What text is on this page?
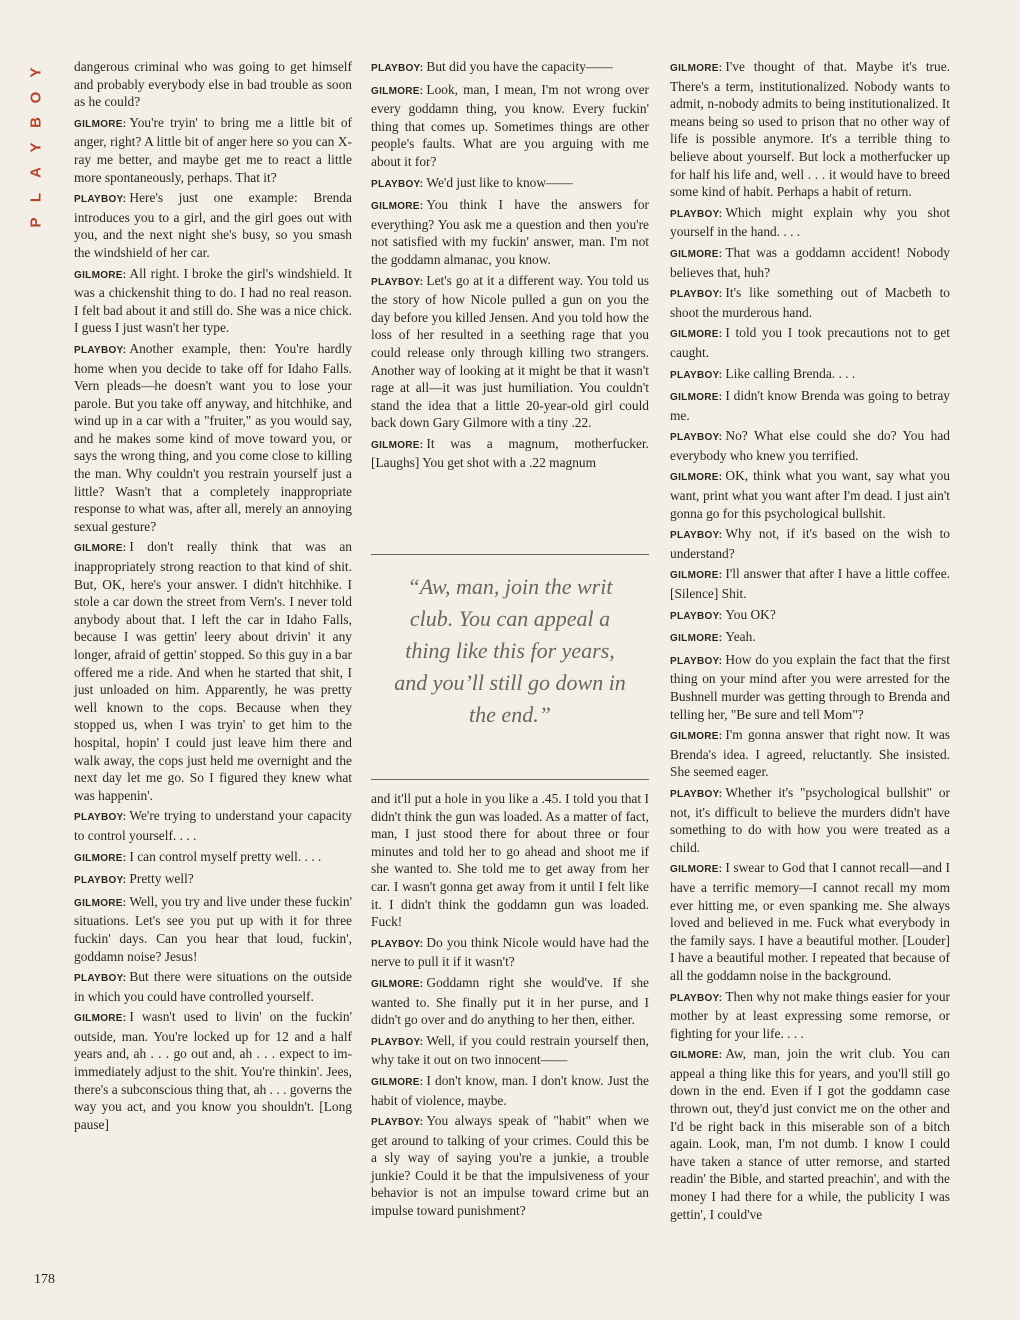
P
L
A
Y
B
O
Y
178

dangerous criminal who was going to get himself and probably everybody else in bad trouble as soon as he could?

GILMORE: You're tryin' to bring me a little bit of anger, right? A little bit of anger here so you can X-ray me better, and maybe get me to react a little more spontaneously, perhaps. That it?

PLAYBOY: Here's just one example: Brenda introduces you to a girl, and the girl goes out with you, and the next night she's busy, so you smash the windshield of her car.

GILMORE: All right. I broke the girl's windshield. It was a chickenshit thing to do. I had no real reason. I felt bad about it and still do. She was a nice chick. I guess I just wasn't her type.

PLAYBOY: Another example, then: You're hardly home when you decide to take off for Idaho Falls. Vern pleads—he doesn't want you to lose your parole. But you take off anyway, and hitchhike, and wind up in a car with a "fruiter," as you would say, and he makes some kind of move toward you, or says the wrong thing, and you come close to killing the man. Why couldn't you restrain yourself just a little? Wasn't that a completely inappropriate response to what was, after all, merely an annoying sexual gesture?

GILMORE: I don't really think that was an inappropriately strong reaction to that kind of shit. But, OK, here's your answer. I didn't hitchhike. I stole a car down the street from Vern's. I never told anybody about that. I left the car in Idaho Falls, because I was gettin' leery about drivin' it any longer, afraid of gettin' stopped. So this guy in a bar offered me a ride. And when he started that shit, I just unloaded on him. Apparently, he was pretty well known to the cops. Because when they stopped us, when I was tryin' to get him to the hospital, hopin' I could just leave him there and walk away, the cops just held me overnight and the next day let me go. So I figured they knew what was happenin'.

PLAYBOY: We're trying to understand your capacity to control yourself. . . .

GILMORE: I can control myself pretty well. . . .

PLAYBOY: Pretty well?

GILMORE: Well, you try and live under these fuckin' situations. Let's see you put up with it for three fuckin' days. Can you hear that loud, fuckin', goddamn noise? Jesus!

PLAYBOY: But there were situations on the outside in which you could have controlled yourself.

GILMORE: I wasn't used to livin' on the fuckin' outside, man. You're locked up for 12 and a half years and, ah . . . go out and, ah . . . expect to im-immediately adjust to the shit. You're thinkin'. Jees, there's a subconscious thing that, ah . . . governs the way you act, and you know you shouldn't. [Long pause]

PLAYBOY: But did you have the capacity——

GILMORE: Look, man, I mean, I'm not wrong over every goddamn thing, you know. Every fuckin' thing that comes up. Sometimes things are other people's faults. What are you arguing with me about it for?

PLAYBOY: We'd just like to know——

GILMORE: You think I have the answers for everything? You ask me a question and then you're not satisfied with my fuckin' answer, man. I'm not the goddamn almanac, you know.

PLAYBOY: Let's go at it a different way. You told us the story of how Nicole pulled a gun on you the day before you killed Jensen. And you told how the loss of her resulted in a seething rage that you could release only through killing two strangers. Another way of looking at it might be that it wasn't rage at all—it was just humiliation. You couldn't stand the idea that a little 20-year-old girl could back down Gary Gilmore with a tiny .22.

GILMORE: It was a magnum, motherfucker. [Laughs] You get shot with a .22 magnum

“Aw, man, join the writ club. You can appeal a thing like this for years, and you’ll still go down in the end.”

and it'll put a hole in you like a .45. I told you that I didn't think the gun was loaded. As a matter of fact, man, I just stood there for about three or four minutes and told her to go ahead and shoot me if she wanted to. She told me to get away from her car. I wasn't gonna get away from it until I felt like it. I didn't think the goddamn gun was loaded. Fuck!

PLAYBOY: Do you think Nicole would have had the nerve to pull it if it wasn't?

GILMORE: Goddamn right she would've. If she wanted to. She finally put it in her purse, and I didn't go over and do anything to her then, either.

PLAYBOY: Well, if you could restrain yourself then, why take it out on two innocent——

GILMORE: I don't know, man. I don't know. Just the habit of violence, maybe.

PLAYBOY: You always speak of "habit" when we get around to talking of your crimes. Could this be a sly way of saying you're a junkie, a trouble junkie? Could it be that the impulsiveness of your behavior is not an impulse toward crime but an impulse toward punishment?

GILMORE: I've thought of that. Maybe it's true. There's a term, institutionalized. Nobody wants to admit, n-nobody admits to being institutionalized. It means being so used to prison that no other way of life is possible anymore. It's a terrible thing to believe about yourself. But lock a motherfucker up for half his life and, well . . . it would have to breed some kind of habit. Perhaps a habit of return.

PLAYBOY: Which might explain why you shot yourself in the hand. . . .

GILMORE: That was a goddamn accident! Nobody believes that, huh?

PLAYBOY: It's like something out of Macbeth to shoot the murderous hand.

GILMORE: I told you I took precautions not to get caught.

PLAYBOY: Like calling Brenda. . . .

GILMORE: I didn't know Brenda was going to betray me.

PLAYBOY: No? What else could she do? You had everybody who knew you terrified.

GILMORE: OK, think what you want, say what you want, print what you want after I'm dead. I just ain't gonna go for this psychological bullshit.

PLAYBOY: Why not, if it's based on the wish to understand?

GILMORE: I'll answer that after I have a little coffee. [Silence] Shit.

PLAYBOY: You OK?

GILMORE: Yeah.

PLAYBOY: How do you explain the fact that the first thing on your mind after you were arrested for the Bushnell murder was getting through to Brenda and telling her, "Be sure and tell Mom"?

GILMORE: I'm gonna answer that right now. It was Brenda's idea. I agreed, reluctantly. She insisted. She seemed eager.

PLAYBOY: Whether it's "psychological bullshit" or not, it's difficult to believe the murders didn't have something to do with how you were treated as a child.

GILMORE: I swear to God that I cannot recall—and I have a terrific memory—I cannot recall my mom ever hitting me, or even spanking me. She always loved and believed in me. Fuck what everybody in the family says. I have a beautiful mother. [Louder] I have a beautiful mother. I repeated that because of all the goddamn noise in the background.

PLAYBOY: Then why not make things easier for your mother by at least expressing some remorse, or fighting for your life. . . .

GILMORE: Aw, man, join the writ club. You can appeal a thing like this for years, and you'll still go down in the end. Even if I got the goddamn case thrown out, they'd just convict me on the other and I'd be right back in this miserable son of a bitch again. Look, man, I'm not dumb. I know I could have taken a stance of utter remorse, and started readin' the Bible, and started preachin', and with the money I had there for a while, the publicity I was gettin', I could've
